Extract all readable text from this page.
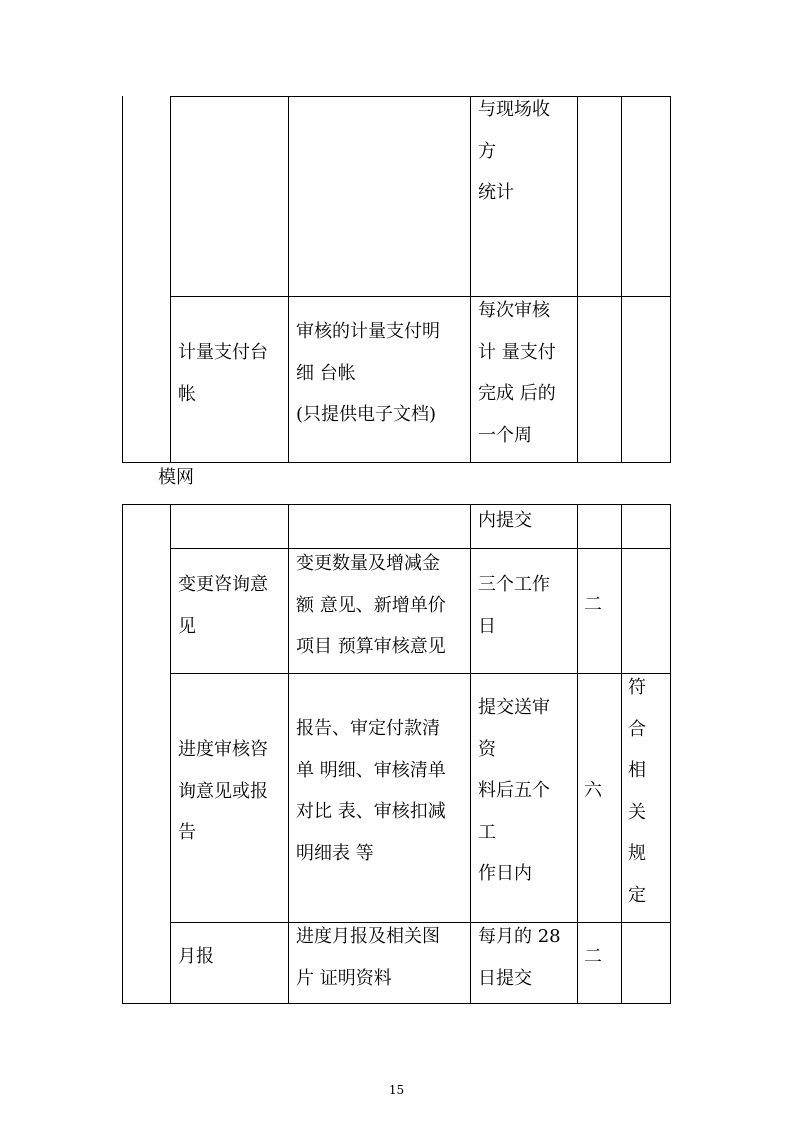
与现场收
方
统计
计量支付台
帐
审核的计量支付明
细 台帐
(只提供电子文档)
每次审核
计 量支付
完成 后的
一个周
模网
内提交
变更咨询意
见
变更数量及增减金
额 意见、新增单价
项目 预算审核意见
三个工作
日
二
进度审核咨
询意见或报
告
报告、审定付款清
单 明细、审核清单
对比 表、审核扣减
明细表 等
提交送审
资
料后五个
工
作日内
六
符
合
相
关
规
定
月报
进度月报及相关图
片 证明资料
每月的 28
日提交
二
15
